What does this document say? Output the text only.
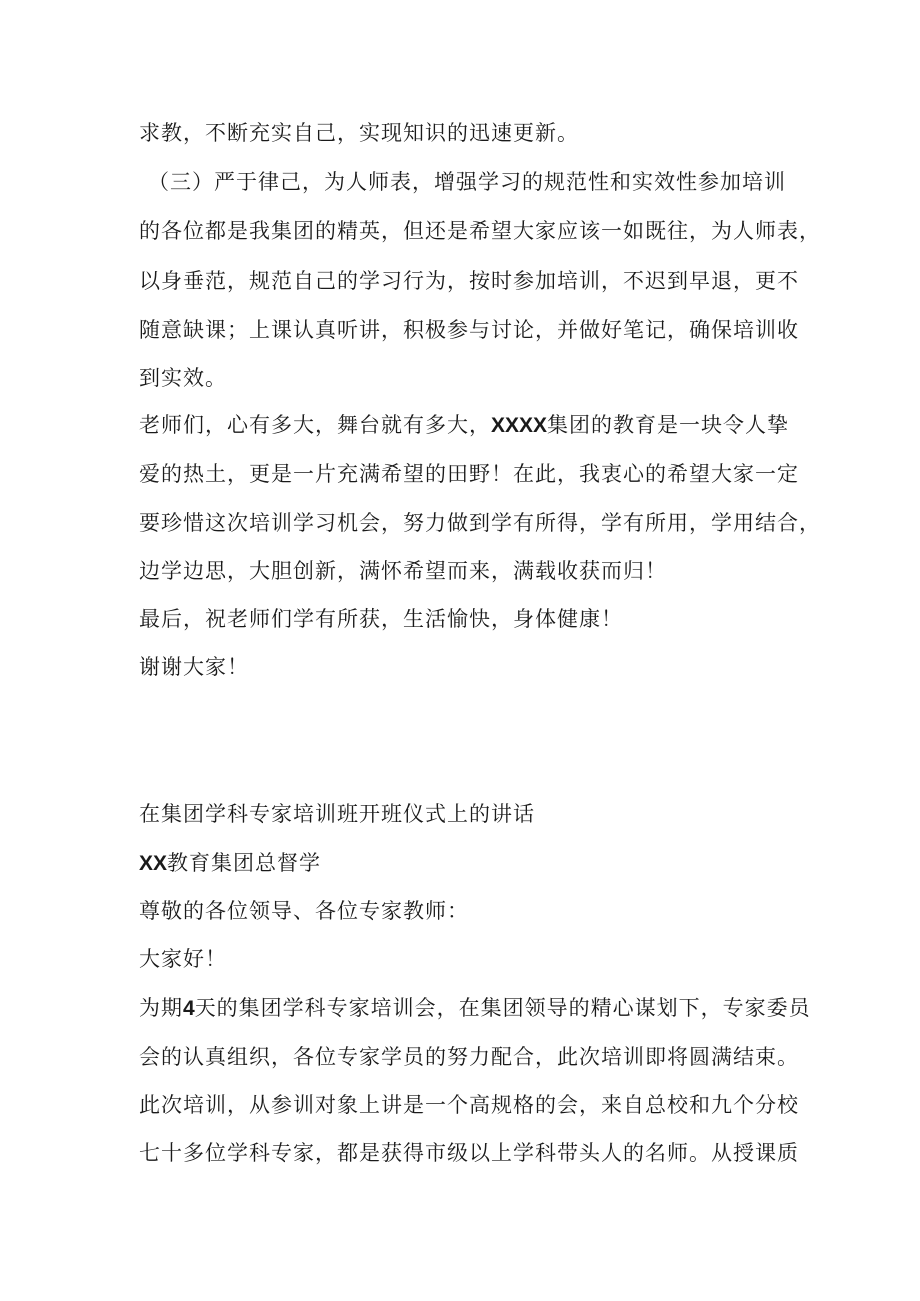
求教，不断充实自己，实现知识的迅速更新。
（三）严于律己，为人师表，增强学习的规范性和实效性参加培训
的各位都是我集团的精英，但还是希望大家应该一如既往，为人师表，
以身垂范，规范自己的学习行为，按时参加培训，不迟到早退，更不
随意缺课；上课认真听讲，积极参与讨论，并做好笔记，确保培训收
到实效。
老师们，心有多大，舞台就有多大，XXXX集团的教育是一块令人挚
爱的热土，更是一片充满希望的田野！在此，我衷心的希望大家一定
要珍惜这次培训学习机会，努力做到学有所得，学有所用，学用结合，
边学边思，大胆创新，满怀希望而来，满载收获而归！
最后，祝老师们学有所获，生活愉快，身体健康！
谢谢大家！
在集团学科专家培训班开班仪式上的讲话
XX教育集团总督学
尊敬的各位领导、各位专家教师：
大家好！
为期4天的集团学科专家培训会，在集团领导的精心谋划下，专家委员
会的认真组织，各位专家学员的努力配合，此次培训即将圆满结束。
此次培训，从参训对象上讲是一个高规格的会，来自总校和九个分校
七十多位学科专家，都是获得市级以上学科带头人的名师。从授课质
